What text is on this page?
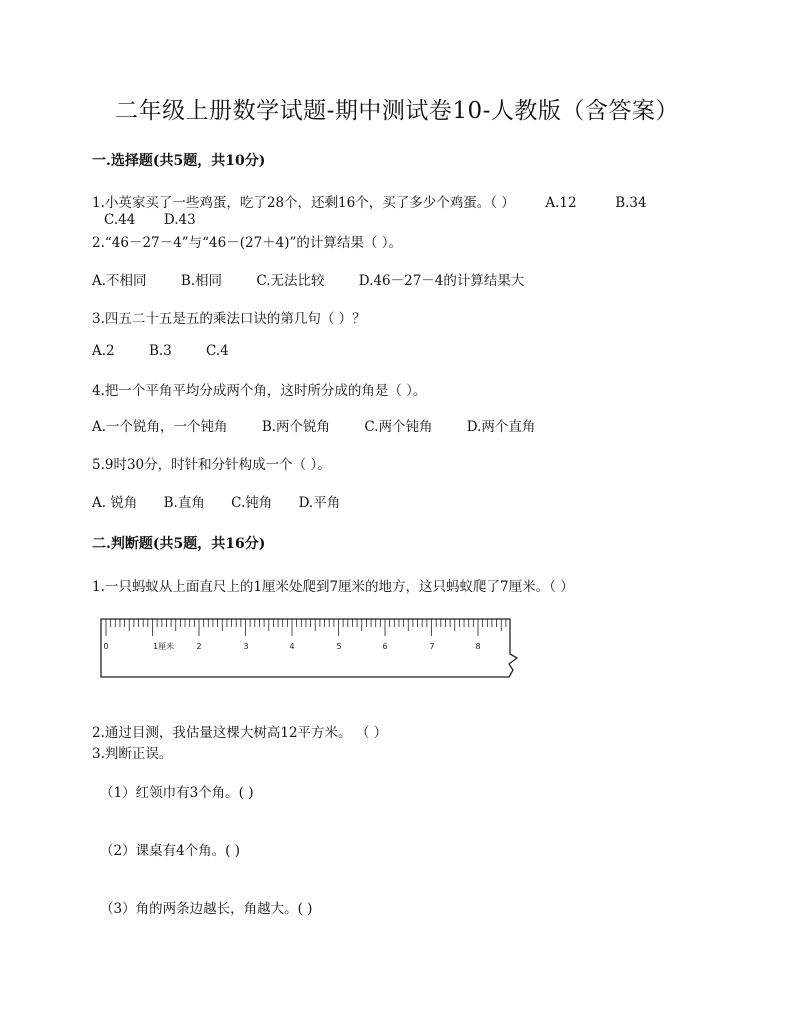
二年级上册数学试题-期中测试卷10-人教版（含答案）
一.选择题(共5题，共10分)
1.小英家买了一些鸡蛋，吃了28个，还剩16个，买了多少个鸡蛋。（ ） A.12	B.34
C.44 D.43
2.“46－27－4”与“46－(27＋4)”的计算结果（ ）。
A.不相同	B.相同	C.无法比较	D.46－27－4的计算结果大
3.四五二十五是五的乘法口诀的第几句（ ）？
A.2	B.3	C.4
4.把一个平角平均分成两个角，这时所分成的角是（ ）。
A.一个锐角，一个钝角	B.两个锐角	C.两个钝角	D.两个直角
5.9时30分，时针和分针构成一个（ ）。
A. 锐角 B.直角 C.钝角 D.平角
二.判断题(共5题，共16分)
1.一只蚂蚁从上面直尺上的1厘米处爬到7厘米的地方，这只蚂蚁爬了7厘米。（ ）
0	1厘米	2	3	4	5	6	7	8
2.通过目测，我估量这棵大树高12平方米。 （ ）
3.判断正误。
（1）红领巾有3个角。( )
（2）课桌有4个角。( )
（3）角的两条边越长，角越大。( )
